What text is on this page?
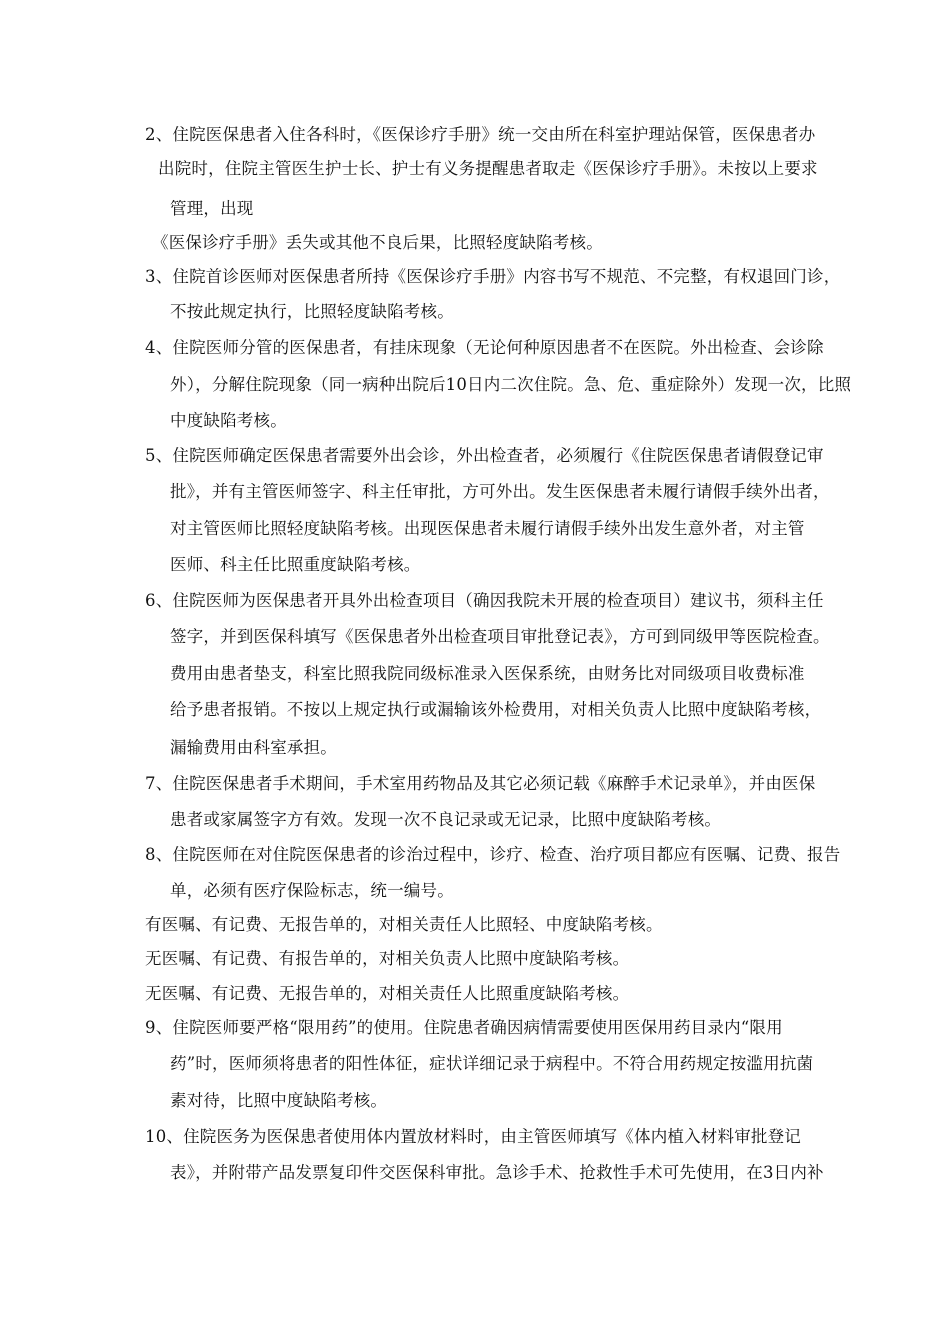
2、住院医保患者入住各科时，《医保诊疗手册》统一交由所在科室护理站保管，医保患者办
出院时，住院主管医生护士长、护士有义务提醒患者取走《医保诊疗手册》。未按以上要求
管理，出现
《医保诊疗手册》丢失或其他不良后果，比照轻度缺陷考核。
3、住院首诊医师对医保患者所持《医保诊疗手册》内容书写不规范、不完整，有权退回门诊，
不按此规定执行，比照轻度缺陷考核。
4、住院医师分管的医保患者，有挂床现象（无论何种原因患者不在医院。外出检查、会诊除
外），分解住院现象（同一病种出院后10日内二次住院。急、危、重症除外）发现一次，比照
中度缺陷考核。
5、住院医师确定医保患者需要外出会诊，外出检查者，必须履行《住院医保患者请假登记审
批》，并有主管医师签字、科主任审批，方可外出。发生医保患者未履行请假手续外出者，
对主管医师比照轻度缺陷考核。出现医保患者未履行请假手续外出发生意外者，对主管
医师、科主任比照重度缺陷考核。
6、住院医师为医保患者开具外出检查项目（确因我院未开展的检查项目）建议书，须科主任
签字，并到医保科填写《医保患者外出检查项目审批登记表》，方可到同级甲等医院检查。
费用由患者垫支，科室比照我院同级标准录入医保系统，由财务比对同级项目收费标准
给予患者报销。不按以上规定执行或漏输该外检费用，对相关负责人比照中度缺陷考核，
漏输费用由科室承担。
7、住院医保患者手术期间，手术室用药物品及其它必须记载《麻醉手术记录单》，并由医保
患者或家属签字方有效。发现一次不良记录或无记录，比照中度缺陷考核。
8、住院医师在对住院医保患者的诊治过程中，诊疗、检查、治疗项目都应有医嘱、记费、报告
单，必须有医疗保险标志，统一编号。
有医嘱、有记费、无报告单的，对相关责任人比照轻、中度缺陷考核。
无医嘱、有记费、有报告单的，对相关负责人比照中度缺陷考核。
无医嘱、有记费、无报告单的，对相关责任人比照重度缺陷考核。
9、住院医师要严格“限用药”的使用。住院患者确因病情需要使用医保用药目录内“限用
药”时，医师须将患者的阳性体征，症状详细记录于病程中。不符合用药规定按滥用抗菌
素对待，比照中度缺陷考核。
10、住院医务为医保患者使用体内置放材料时，由主管医师填写《体内植入材料审批登记
表》，并附带产品发票复印件交医保科审批。急诊手术、抢救性手术可先使用，在3日内补
